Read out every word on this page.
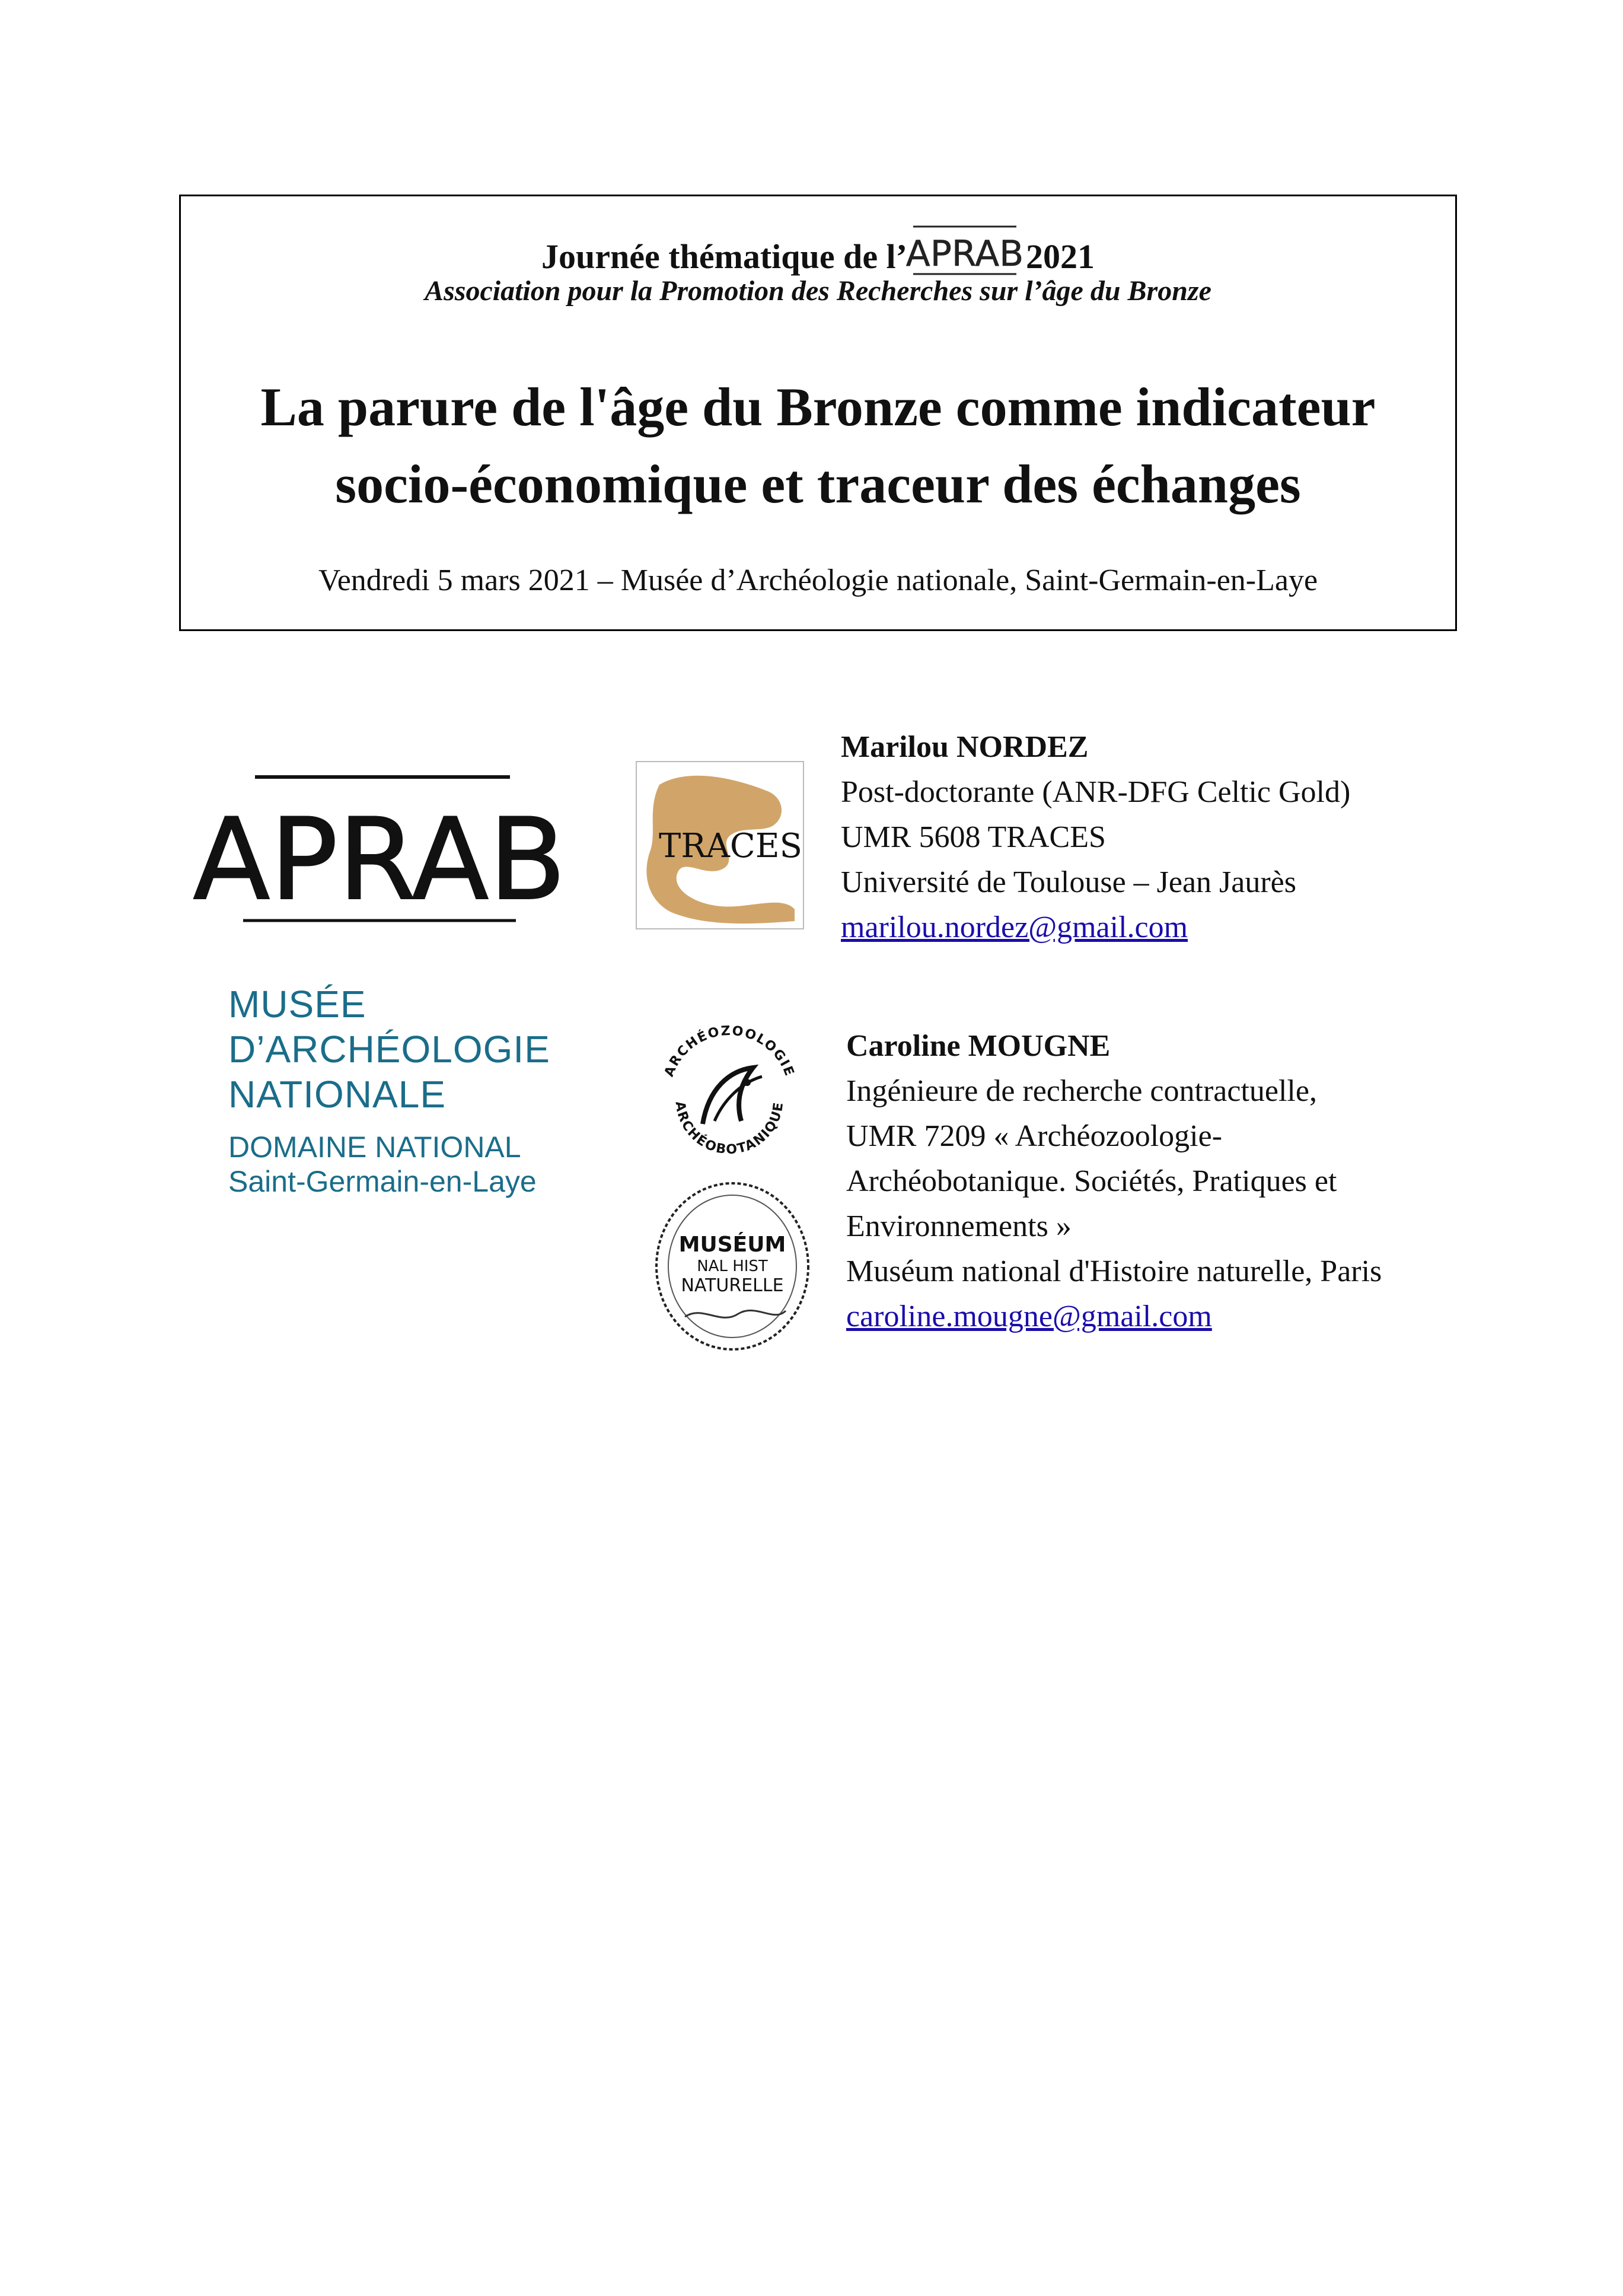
Journée thématique de l’
APRAB 2021
Association pour la Promotion des Recherches sur l’âge du Bronze
La parure de l'âge du Bronze comme indicateur
socio-économique et traceur des échanges
Vendredi 5 mars 2021 – Musée d’Archéologie nationale, Saint-Germain-en-Laye
APRAB
MUSÉE
D’ARCHÉOLOGIE
NATIONALE
DOMAINE NATIONAL
Saint-Germain-en-Laye
TRACES
ARCHÉOZOOLOGIE
ARCHÉOBOTANIQUE
MUSÉUM
NAL HIST
NATURELLE
Marilou NORDEZ
Post-doctorante (ANR-DFG Celtic Gold)
UMR 5608 TRACES
Université de Toulouse – Jean Jaurès
marilou.nordez@gmail.com
Caroline MOUGNE
Ingénieure de recherche contractuelle,
UMR 7209 « Archéozoologie-
Archéobotanique. Sociétés, Pratiques et
Environnements »
Muséum national d'Histoire naturelle, Paris
caroline.mougne@gmail.com
